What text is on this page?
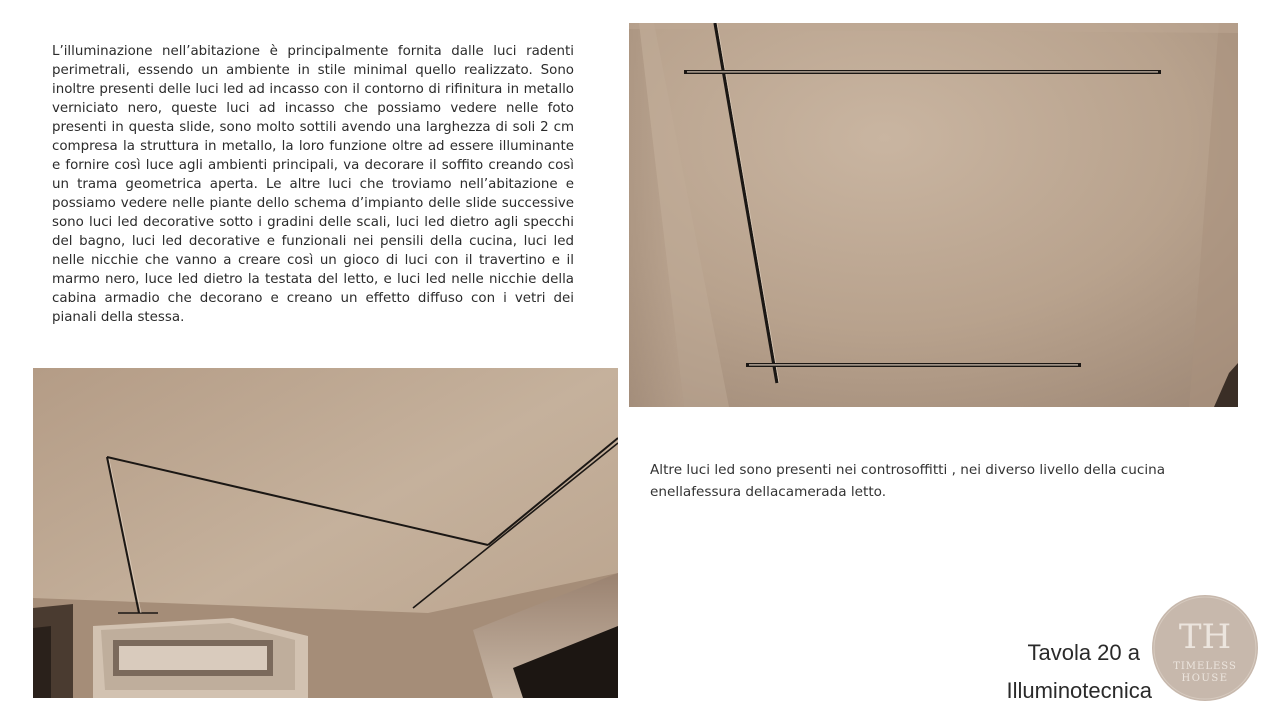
L’illuminazione nell’abitazione è principalmente fornita dalle luci radenti perimetrali, essendo un ambiente in stile minimal quello realizzato. Sono inoltre presenti delle luci led ad incasso con il contorno di rifinitura in metallo verniciato nero, queste luci ad incasso che possiamo vedere nelle foto presenti in questa slide, sono molto sottili avendo una larghezza di soli 2 cm compresa la struttura in metallo, la loro funzione oltre ad essere illuminante e fornire così luce agli ambienti principali, va decorare il soffito creando così un trama geometrica aperta. Le altre luci che troviamo nell’abitazione e possiamo vedere nelle piante dello schema d’impianto delle slide successive sono luci led decorative sotto i gradini delle scali, luci led dietro agli specchi del bagno, luci led decorative e funzionali nei pensili della cucina, luci led nelle nicchie che vanno a creare così un gioco di luci con il travertino e il marmo nero, luce led dietro la testata del letto, e luci led nelle nicchie della cabina armadio che decorano e creano un effetto diffuso con i vetri dei pianali della stessa.

Altre luci led sono presenti nei controsoffitti , nei diverso livello della cucina enellafessura dellacamerada letto.

Tavola 20 a
Illuminotecnica
TH
TIMELESS
HOUSE
